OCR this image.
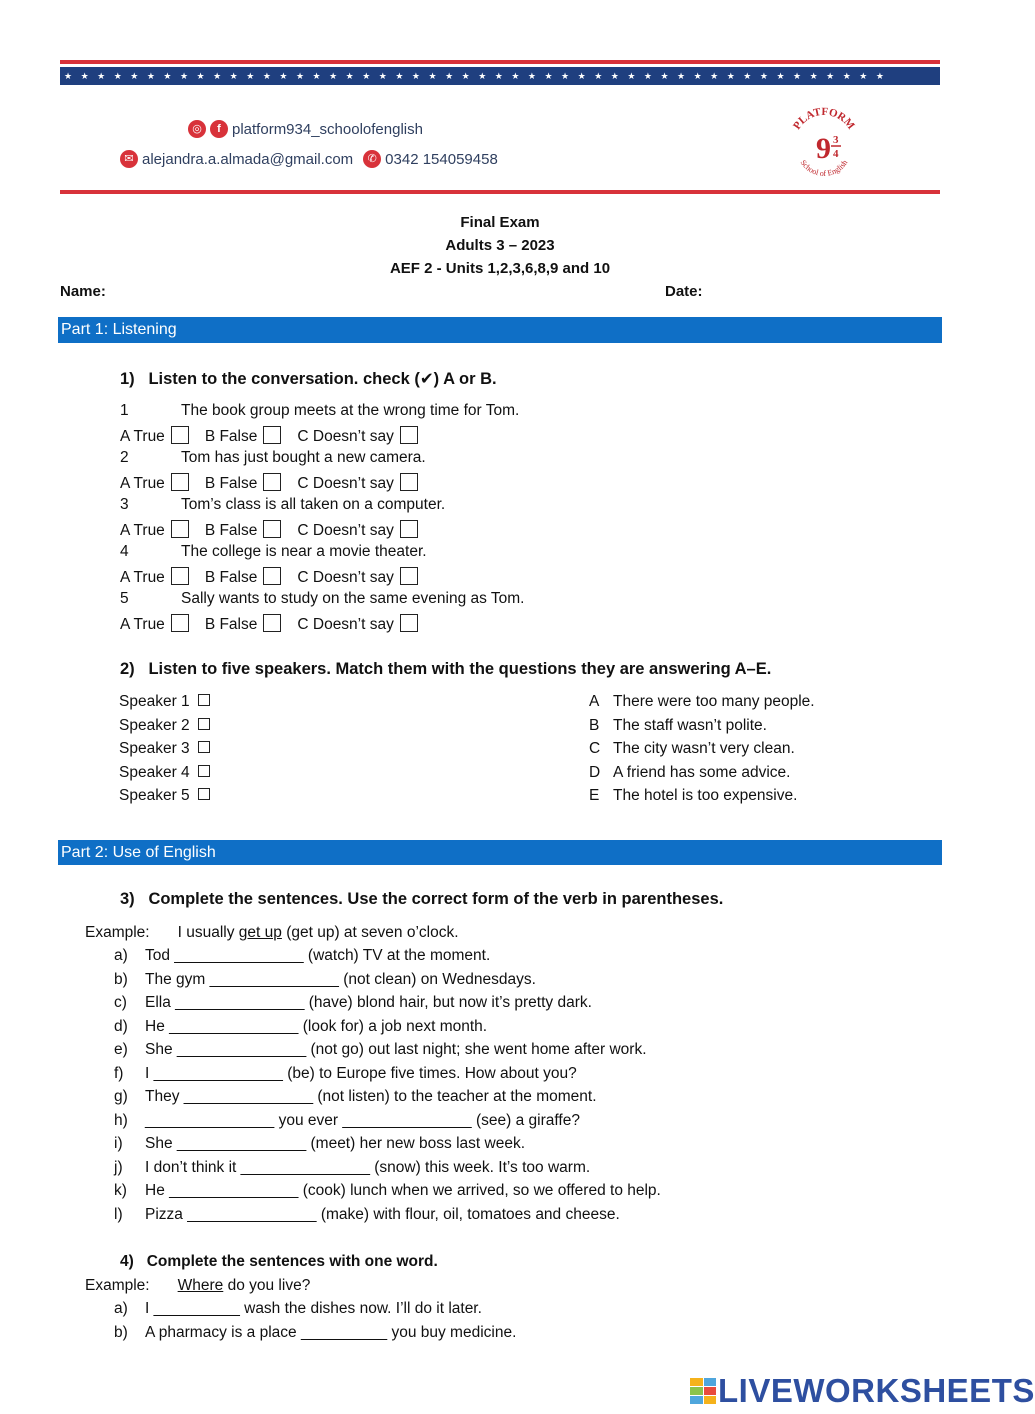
★★★★★★★★★★★★★★★★★★★★★★★★★★★★★★★★★★★★★★★★★★★★★★★★★★
◎	f platform934_schoolofenglish
✉ alejandra.a.almada@gmail.com	✆ 0342 154059458
PLATFORM
9 3
4
School of English
Final Exam
Adults 3 – 2023
AEF 2 - Units 1,2,3,6,8,9 and 10
Name:	Date:
Part 1: Listening
1) Listen to the conversation. check (✔) A or B.
1	The book group meets at the wrong time for Tom.
A True	B False	C Doesn’t say
2	Tom has just bought a new camera.
A True	B False	C Doesn’t say
3	Tom’s class is all taken on a computer.
A True	B False	C Doesn’t say
4	The college is near a movie theater.
A True	B False	C Doesn’t say
5	Sally wants to study on the same evening as Tom.
A True	B False	C Doesn’t say
2) Listen to five speakers. Match them with the questions they are answering A–E.
Speaker 1	A There were too many people.
Speaker 2	B The staff wasn’t polite.
Speaker 3	C The city wasn’t very clean.
Speaker 4	D A friend has some advice.
Speaker 5	E The hotel is too expensive.
Part 2: Use of English
3) Complete the sentences. Use the correct form of the verb in parentheses.
Example: I usually get up (get up) at seven o’clock.
a) Tod _______________ (watch) TV at the moment.
b) The gym _______________ (not clean) on Wednesdays.
c) Ella _______________ (have) blond hair, but now it’s pretty dark.
d) He _______________ (look for) a job next month.
e) She _______________ (not go) out last night; she went home after work.
f) I _______________ (be) to Europe five times. How about you?
g) They _______________ (not listen) to the teacher at the moment.
h) _______________ you ever _______________ (see) a giraffe?
i) She _______________ (meet) her new boss last week.
j) I don’t think it _______________ (snow) this week. It’s too warm.
k) He _______________ (cook) lunch when we arrived, so we offered to help.
l) Pizza _______________ (make) with flour, oil, tomatoes and cheese.
4) Complete the sentences with one word.
Example: Where do you live?
a) I __________ wash the dishes now. I’ll do it later.
b) A pharmacy is a place __________ you buy medicine.
LIVEWORKSHEETS
